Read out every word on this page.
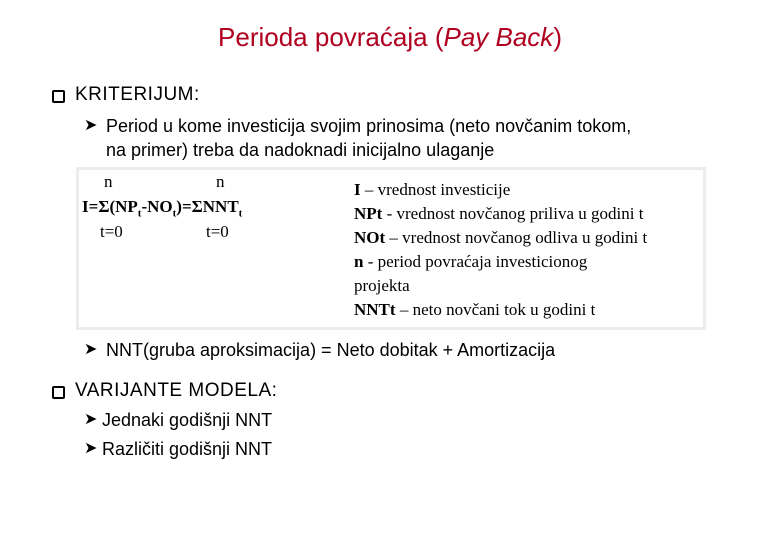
Perioda povraćaja (Pay Back)
KRITERIJUM:
➤ Period u kome investicija svojim prinosima (neto novčanim tokom,
na primer) treba da nadoknadi inicijalno ulaganje
n	n
$I=\Sigma(NP_t-NO_t)=\Sigma NNT_t$
t=0	t=0
I – vrednost investicije
NPt - vrednost novčanog priliva u godini t
NOt – vrednost novčanog odliva u godini t
n - period povraćaja investicionog
projekta
NNTt – neto novčani tok u godini t
➤ NNT(gruba aproksimacija) = Neto dobitak + Amortizacija
VARIJANTE MODELA:
➤ Jednaki godišnji NNT
➤ Različiti godišnji NNT
